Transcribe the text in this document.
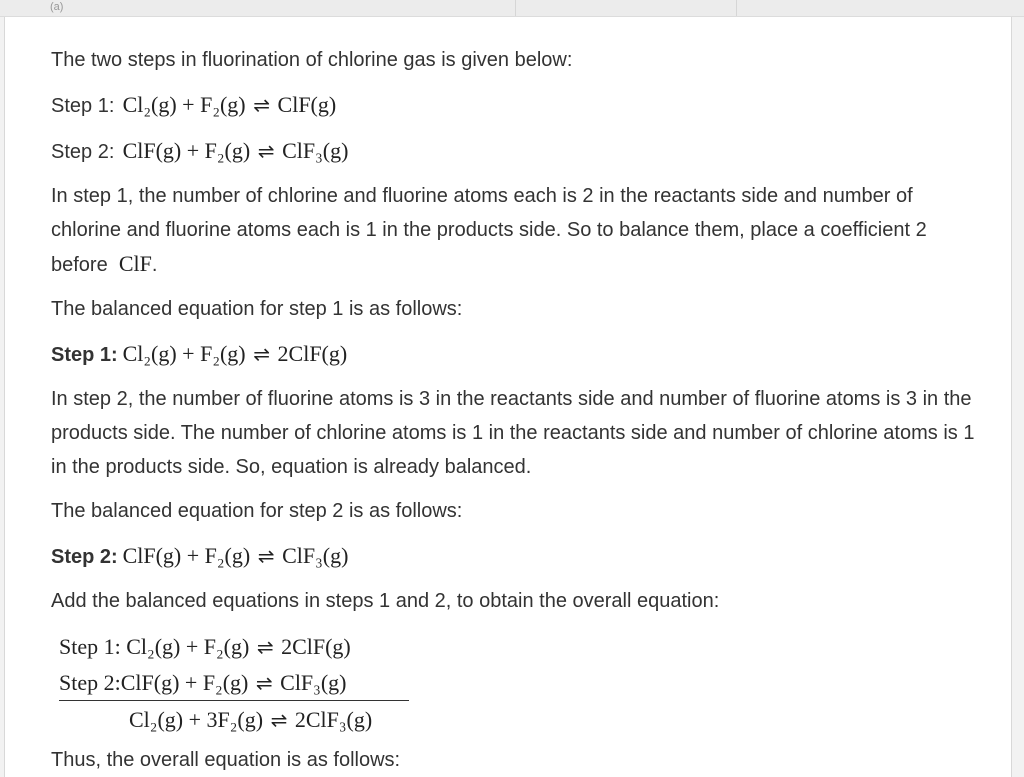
(a)

The two steps in fluorination of chlorine gas is given below:

Step 1: Cl₂(g) + F₂(g) ⇌ ClF(g)
Step 2: ClF(g) + F₂(g) ⇌ ClF₃(g)

In step 1, the number of chlorine and fluorine atoms each is 2 in the reactants side and number of chlorine and fluorine atoms each is 1 in the products side. So to balance them, place a coefficient 2 before ClF.

The balanced equation for step 1 is as follows:

Step 1: Cl₂(g) + F₂(g) ⇌ 2ClF(g)

In step 2, the number of fluorine atoms is 3 in the reactants side and number of fluorine atoms is 3 in the products side. The number of chlorine atoms is 1 in the reactants side and number of chlorine atoms is 1 in the products side. So, equation is already balanced.

The balanced equation for step 2 is as follows:

Step 2: ClF(g) + F₂(g) ⇌ ClF₃(g)

Add the balanced equations in steps 1 and 2, to obtain the overall equation:

Step 1: Cl₂(g) + F₂(g) ⇌ 2ClF(g)
Step 2:ClF(g) + F₂(g) ⇌ ClF₃(g)
Cl₂(g) + 3F₂(g) ⇌ 2ClF₃(g)
Thus, the overall equation is as follows:
